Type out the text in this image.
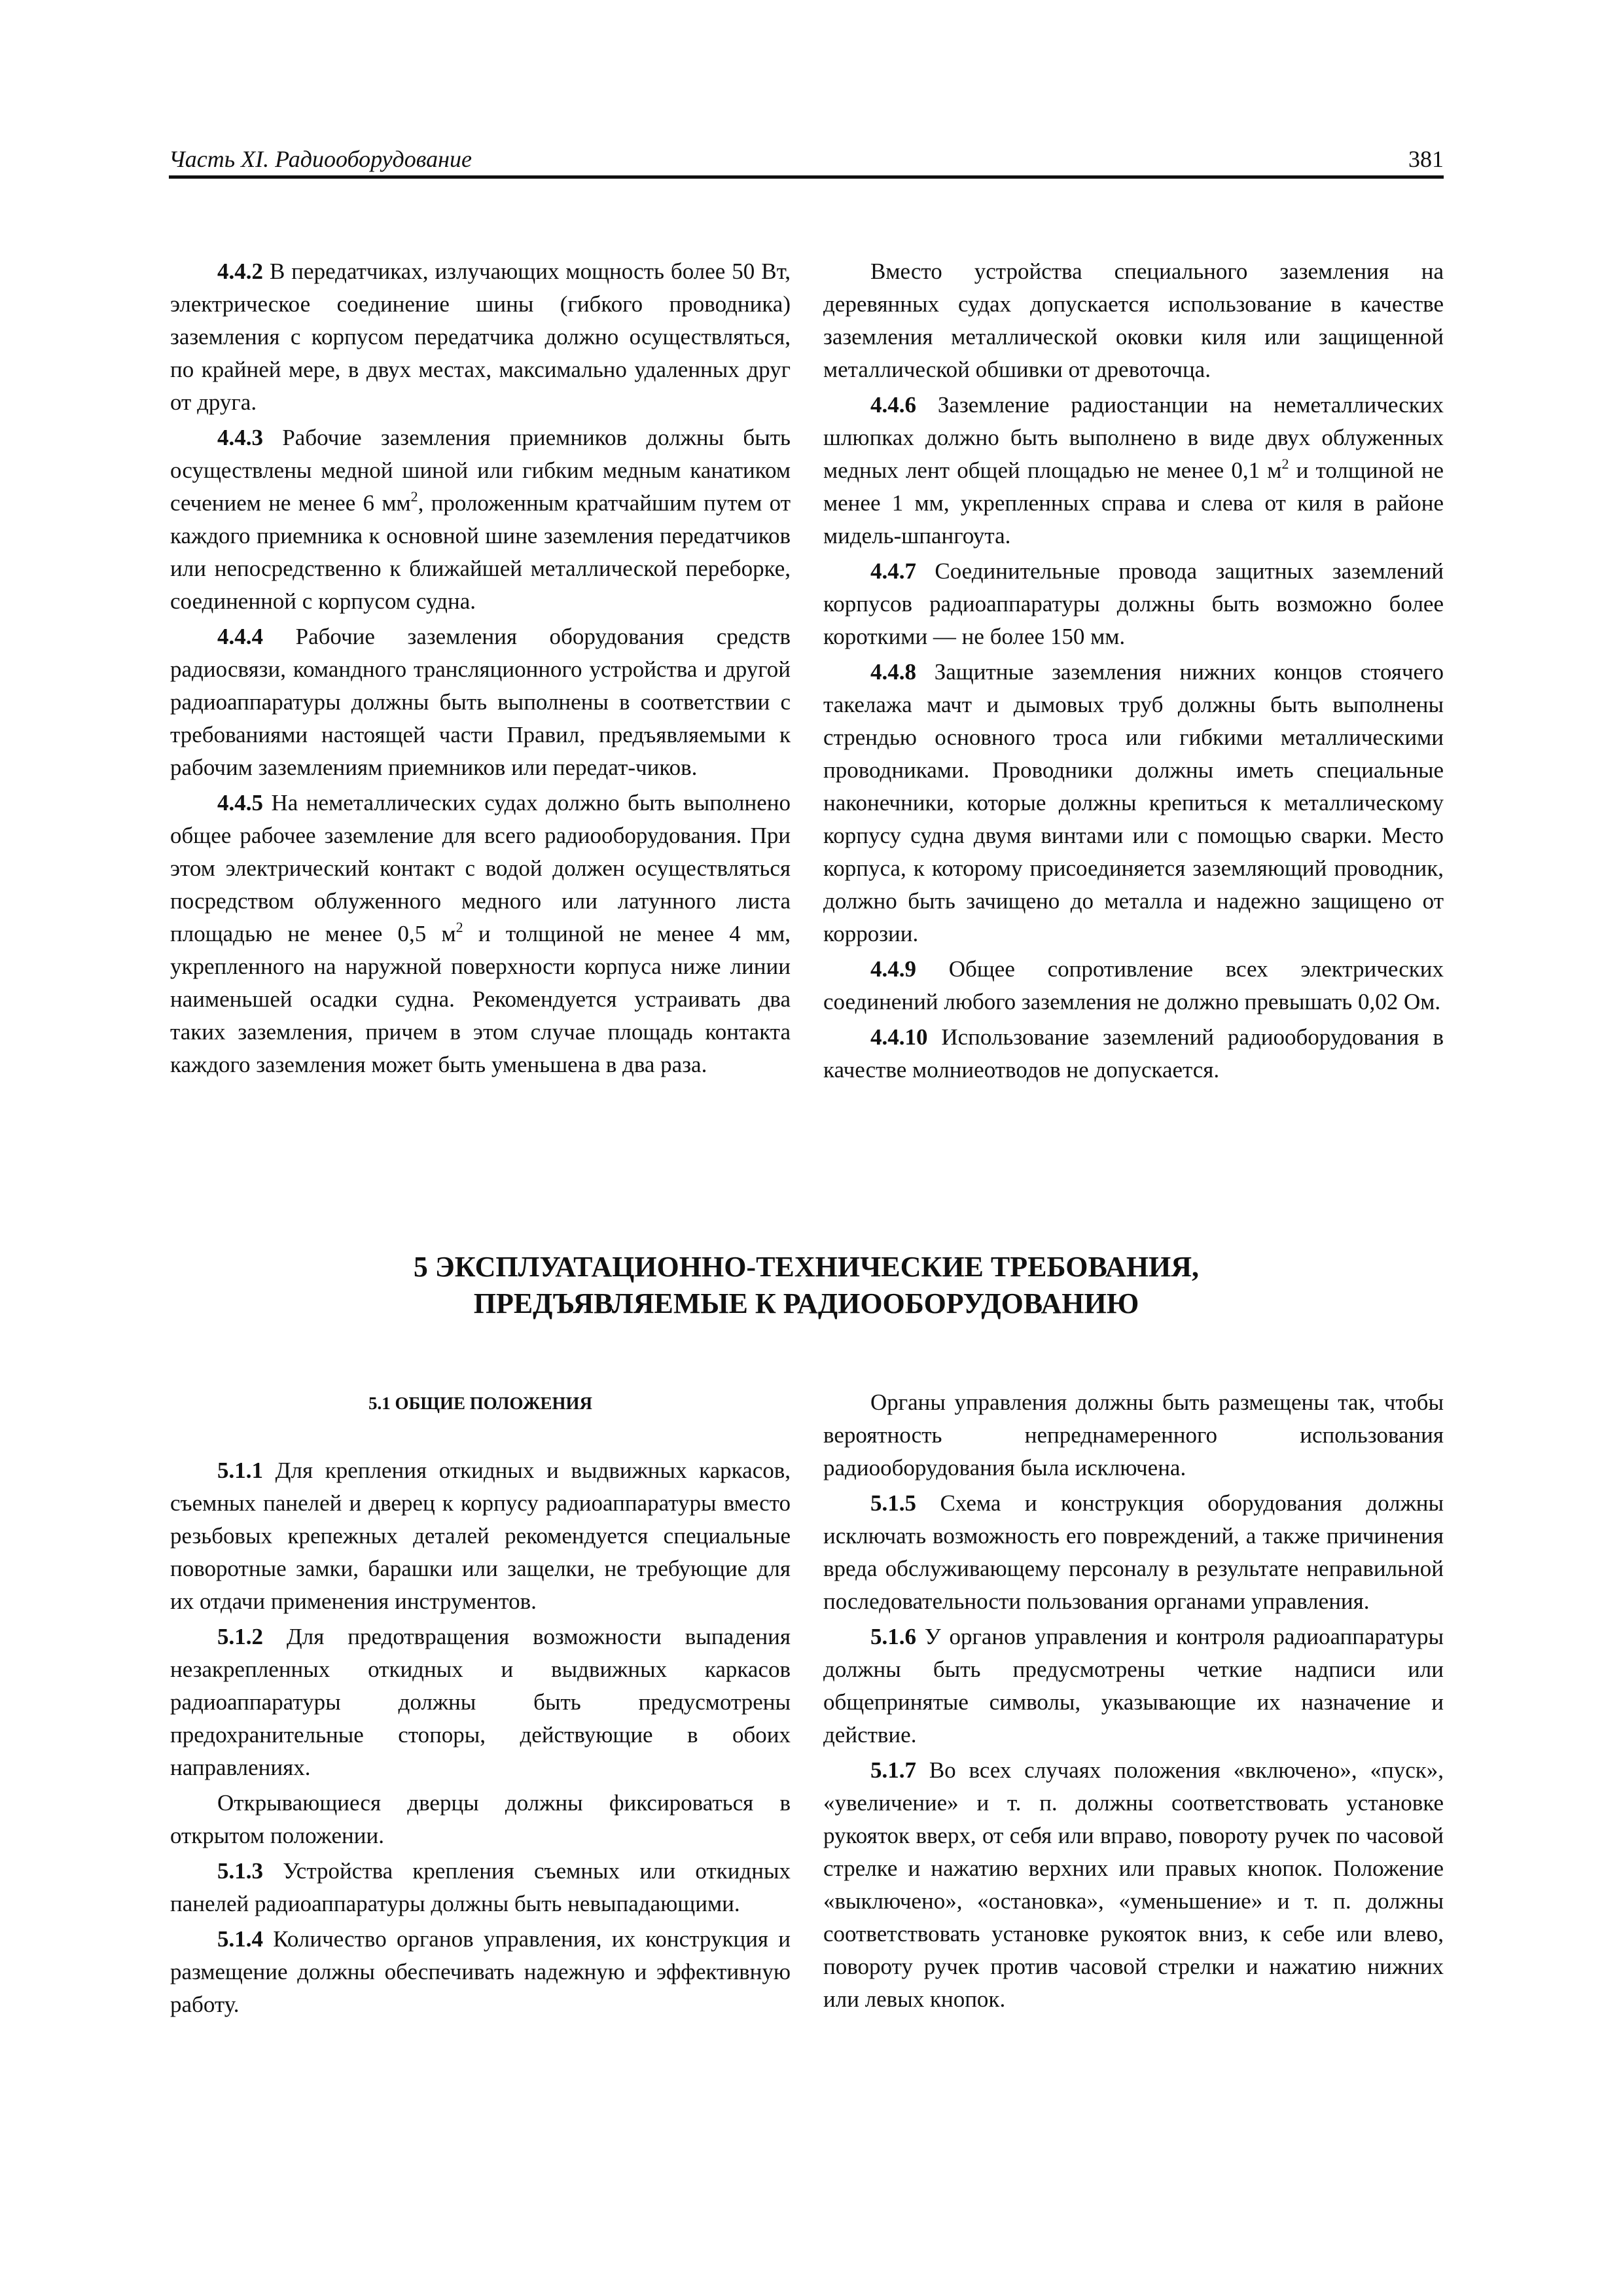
Часть XI. Радиооборудование	381

4.4.2 В передатчиках, излучающих мощность более 50 Вт, электрическое соединение шины (гибкого проводника) заземления с корпусом передатчика должно осуществляться, по крайней мере, в двух местах, максимально удаленных друг от друга.

4.4.3 Рабочие заземления приемников должны быть осуществлены медной шиной или гибким медным канатиком сечением не менее 6 $мм^2$, проложенным кратчайшим путем от каждого приемника к основной шине заземления передатчиков или непосредственно к ближайшей металлической переборке, соединенной с корпусом судна.

4.4.4 Рабочие заземления оборудования средств радиосвязи, командного трансляционного устройства и другой радиоаппаратуры должны быть выполнены в соответствии с требованиями настоящей части Правил, предъявляемыми к рабочим заземлениям приемников или передат-чиков.

4.4.5 На неметаллических судах должно быть выполнено общее рабочее заземление для всего радиооборудования. При этом электрический контакт с водой должен осуществляться посредством облуженного медного или латунного листа площадью не менее 0,5 $м^2$ и толщиной не менее 4 мм, укрепленного на наружной поверхности корпуса ниже линии наименьшей осадки судна. Рекомендуется устраивать два таких заземления, причем в этом случае площадь контакта каждого заземления может быть уменьшена в два раза.

Вместо устройства специального заземления на деревянных судах допускается использование в качестве заземления металлической оковки киля или защищенной металлической обшивки от древоточца.

4.4.6 Заземление радиостанции на неметаллических шлюпках должно быть выполнено в виде двух облуженных медных лент общей площадью не менее 0,1 $м^2$ и толщиной не менее 1 мм, укрепленных справа и слева от киля в районе мидель-шпангоута.

4.4.7 Соединительные провода защитных заземлений корпусов радиоаппаратуры должны быть возможно более короткими — не более 150 мм.

4.4.8 Защитные заземления нижних концов стоячего такелажа мачт и дымовых труб должны быть выполнены стрендью основного троса или гибкими металлическими проводниками. Проводники должны иметь специальные наконечники, которые должны крепиться к металлическому корпусу судна двумя винтами или с помощью сварки. Место корпуса, к которому присоединяется заземляющий проводник, должно быть зачищено до металла и надежно защищено от коррозии.

4.4.9 Общее сопротивление всех электрических соединений любого заземления не должно превышать 0,02 Ом.

4.4.10 Использование заземлений радиооборудования в качестве молниеотводов не допускается.

5 ЭКСПЛУАТАЦИОННО-ТЕХНИЧЕСКИЕ ТРЕБОВАНИЯ,
ПРЕДЪЯВЛЯЕМЫЕ К РАДИООБОРУДОВАНИЮ
5.1 ОБЩИЕ ПОЛОЖЕНИЯ

5.1.1 Для крепления откидных и выдвижных каркасов, съемных панелей и дверец к корпусу радиоаппаратуры вместо резьбовых крепежных деталей рекомендуется специальные поворотные замки, барашки или защелки, не требующие для их отдачи применения инструментов.

5.1.2 Для предотвращения возможности выпадения незакрепленных откидных и выдвижных каркасов радиоаппаратуры должны быть предусмотрены предохранительные стопоры, действующие в обоих направлениях.

Открывающиеся дверцы должны фиксироваться в открытом положении.

5.1.3 Устройства крепления съемных или откидных панелей радиоаппаратуры должны быть невыпадающими.

5.1.4 Количество органов управления, их конструкция и размещение должны обеспечивать надежную и эффективную работу.

Органы управления должны быть размещены так, чтобы вероятность непреднамеренного использования радиооборудования была исключена.

5.1.5 Схема и конструкция оборудования должны исключать возможность его повреждений, а также причинения вреда обслуживающему персоналу в результате неправильной последовательности пользования органами управления.

5.1.6 У органов управления и контроля радиоаппаратуры должны быть предусмотрены четкие надписи или общепринятые символы, указывающие их назначение и действие.

5.1.7 Во всех случаях положения «включено», «пуск», «увеличение» и т. п. должны соответствовать установке рукояток вверх, от себя или вправо, повороту ручек по часовой стрелке и нажатию верхних или правых кнопок. Положение «выключено», «остановка», «уменьшение» и т. п. должны соответствовать установке рукояток вниз, к себе или влево, повороту ручек против часовой стрелки и нажатию нижних или левых кнопок.
